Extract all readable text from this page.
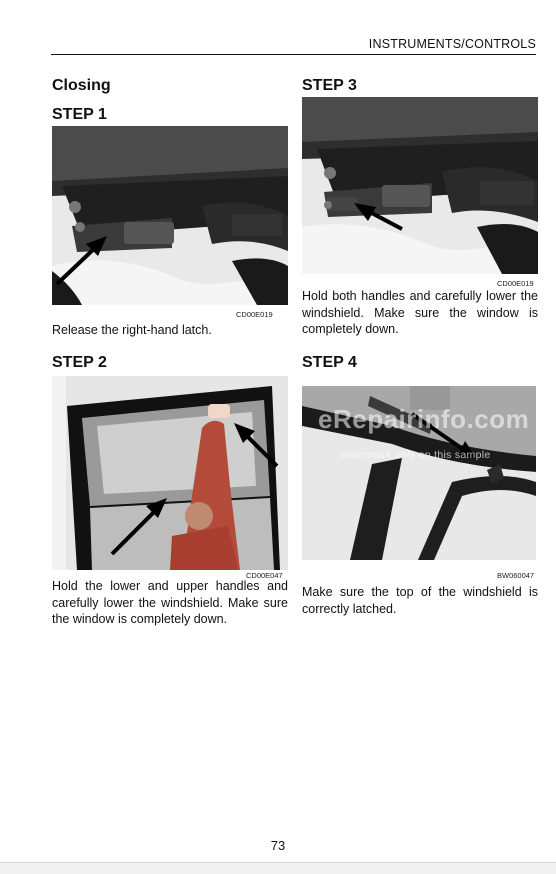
INSTRUMENTS/CONTROLS
Closing
STEP 1
CD00E019
Release the right-hand latch.
STEP 2
CD00E047
Hold the lower and upper handles and carefully lower the windshield. Make sure the window is completely down.
STEP 3
CD00E019
Hold both handles and carefully lower the windshield. Make sure the window is completely down.
STEP 4
eRepairinfo.com
watermark only on this sample
BW060047
Make sure the top of the windshield is correctly latched.
73
